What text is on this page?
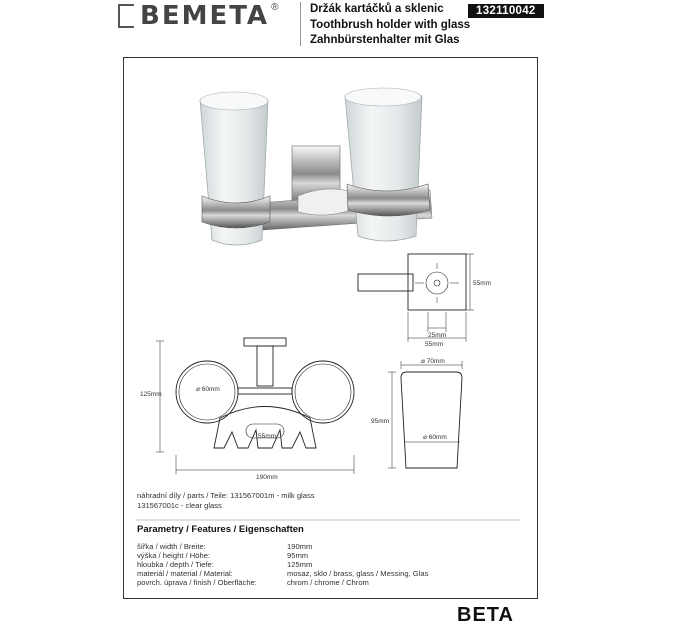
BEMETA ®	Držák kartáčků a sklenic
Toothbrush holder with glass
Zahnbürstenhalter mit Glas
132110042
55mm
25mm
55mm
⌀ 70mm
⌀ 60mm
95mm
125mm
⌀ 60mm
55mm
190mm
náhradní díly / parts / Teile: 131567001m - milk glass
131567001c - clear glass
Parametry / Features / Eigenschaften
šířka / width / Breite:	190mm
výška / height / Höhe:	95mm
hloubka / depth / Tiefe:	125mm
materiál / material / Material:	mosaz, sklo / brass, glass / Messing, Glas
povrch. úprava / finish / Oberfläche:	chrom / chrome / Chrom
BETA
